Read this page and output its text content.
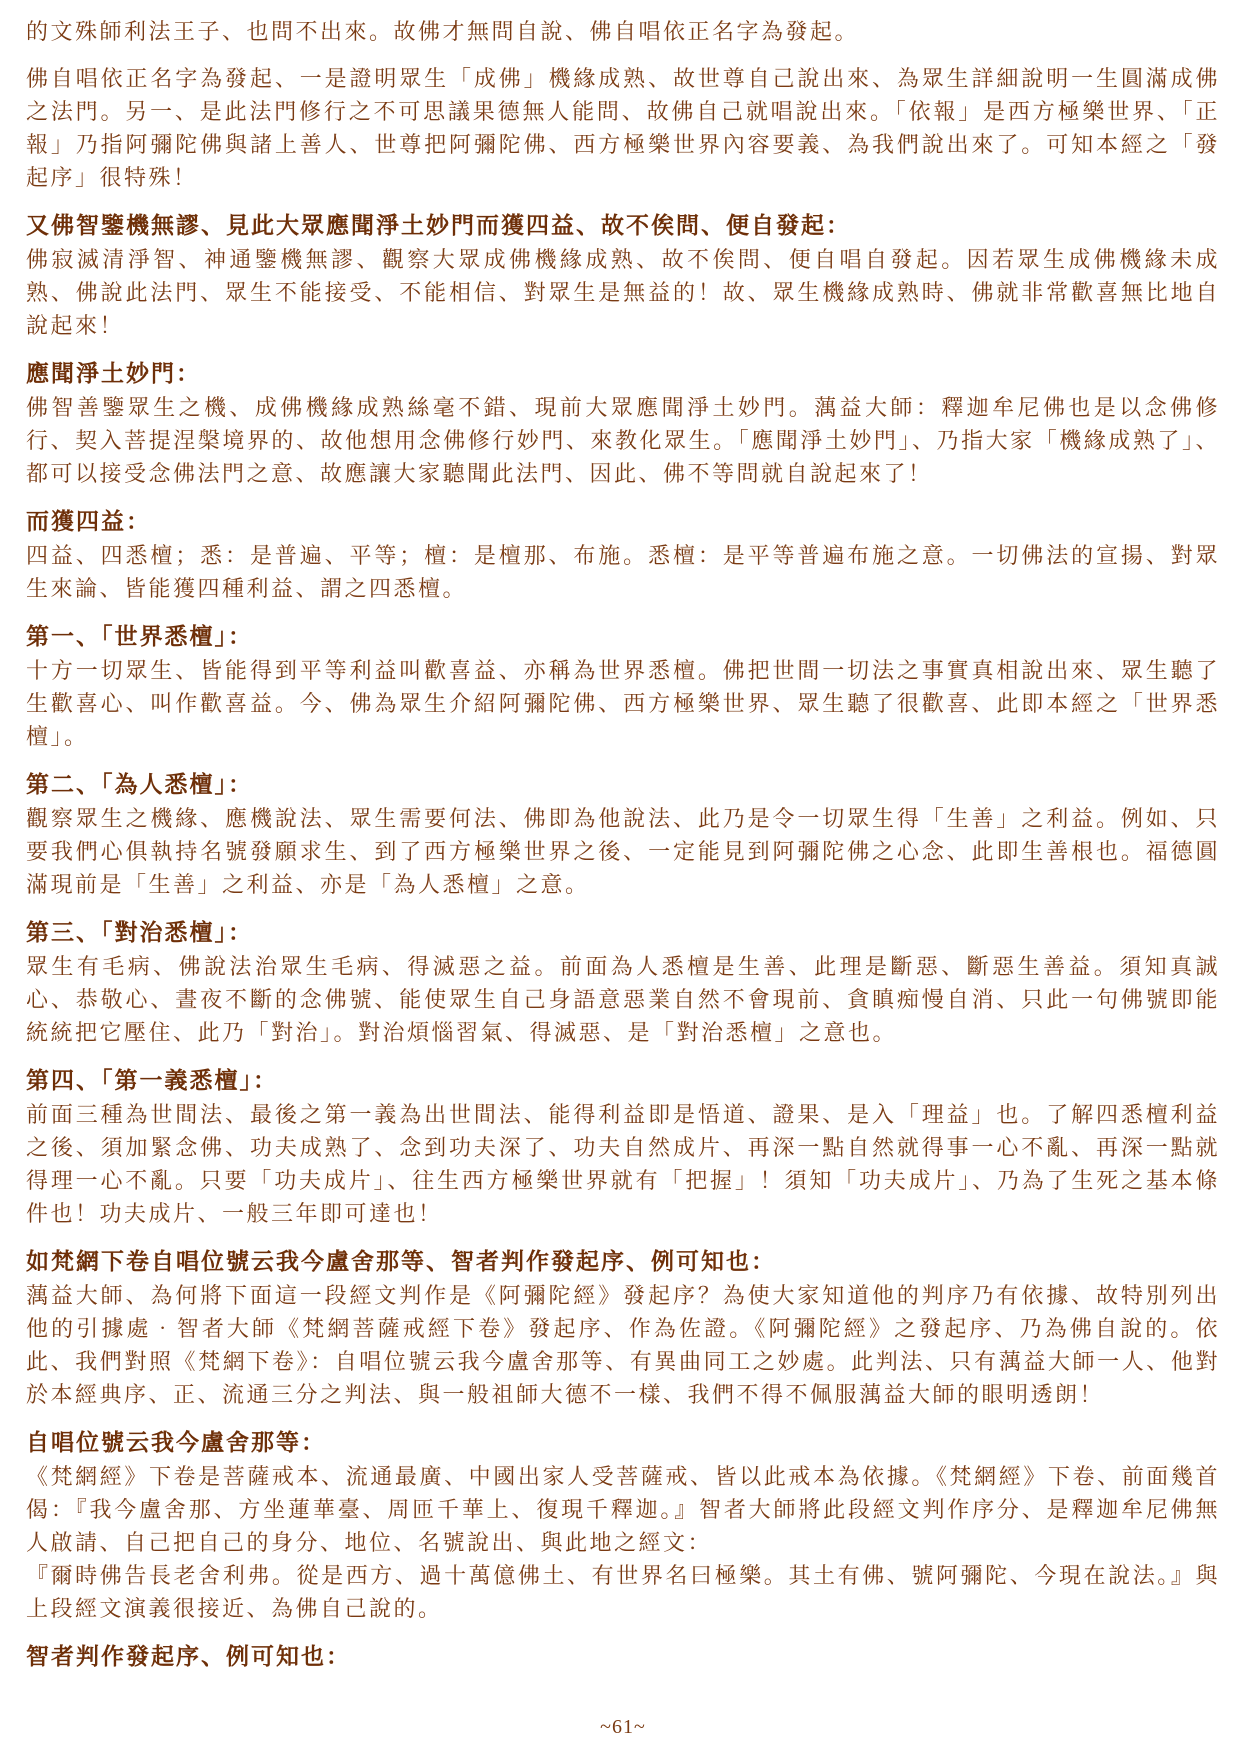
的文殊師利法王子、也問不出來。故佛才無問自說、佛自唱依正名字為發起。

佛自唱依正名字為發起、一是證明眾生「成佛」機緣成熟、故世尊自己說出來、為眾生詳細說明一生圓滿成佛之法門。另一、是此法門修行之不可思議果德無人能問、故佛自己就唱說出來。「依報」是西方極樂世界、「正報」乃指阿彌陀佛與諸上善人、世尊把阿彌陀佛、西方極樂世界內容要義、為我們說出來了。可知本經之「發起序」很特殊！

又佛智鑒機無謬、見此大眾應聞淨土妙門而獲四益、故不俟問、便自發起：

佛寂滅清淨智、神通鑒機無謬、觀察大眾成佛機緣成熟、故不俟問、便自唱自發起。因若眾生成佛機緣未成熟、佛說此法門、眾生不能接受、不能相信、對眾生是無益的！故、眾生機緣成熟時、佛就非常歡喜無比地自說起來！

應聞淨土妙門：

佛智善鑒眾生之機、成佛機緣成熟絲毫不錯、現前大眾應聞淨土妙門。蕅益大師：釋迦牟尼佛也是以念佛修行、契入菩提涅槃境界的、故他想用念佛修行妙門、來教化眾生。「應聞淨土妙門」、乃指大家「機緣成熟了」、都可以接受念佛法門之意、故應讓大家聽聞此法門、因此、佛不等問就自說起來了！

而獲四益：

四益、四悉檀；悉：是普遍、平等；檀：是檀那、布施。悉檀：是平等普遍布施之意。一切佛法的宣揚、對眾生來論、皆能獲四種利益、謂之四悉檀。

第一、「世界悉檀」：

十方一切眾生、皆能得到平等利益叫歡喜益、亦稱為世界悉檀。佛把世間一切法之事實真相說出來、眾生聽了生歡喜心、叫作歡喜益。今、佛為眾生介紹阿彌陀佛、西方極樂世界、眾生聽了很歡喜、此即本經之「世界悉檀」。

第二、「為人悉檀」：

觀察眾生之機緣、應機說法、眾生需要何法、佛即為他說法、此乃是令一切眾生得「生善」之利益。例如、只要我們心俱執持名號發願求生、到了西方極樂世界之後、一定能見到阿彌陀佛之心念、此即生善根也。福德圓滿現前是「生善」之利益、亦是「為人悉檀」之意。

第三、「對治悉檀」：

眾生有毛病、佛說法治眾生毛病、得滅惡之益。前面為人悉檀是生善、此理是斷惡、斷惡生善益。須知真誠心、恭敬心、晝夜不斷的念佛號、能使眾生自己身語意惡業自然不會現前、貪瞋痴慢自消、只此一句佛號即能統統把它壓住、此乃「對治」。對治煩惱習氣、得滅惡、是「對治悉檀」之意也。

第四、「第一義悉檀」：

前面三種為世間法、最後之第一義為出世間法、能得利益即是悟道、證果、是入「理益」也。了解四悉檀利益之後、須加緊念佛、功夫成熟了、念到功夫深了、功夫自然成片、再深一點自然就得事一心不亂、再深一點就得理一心不亂。只要「功夫成片」、往生西方極樂世界就有「把握」！須知「功夫成片」、乃為了生死之基本條件也！功夫成片、一般三年即可達也！

如梵網下卷自唱位號云我今盧舍那等、智者判作發起序、例可知也：

蕅益大師、為何將下面這一段經文判作是《阿彌陀經》發起序？為使大家知道他的判序乃有依據、故特別列出他的引據處‧智者大師《梵網菩薩戒經下卷》發起序、作為佐證。《阿彌陀經》之發起序、乃為佛自說的。依此、我們對照《梵網下卷》：自唱位號云我今盧舍那等、有異曲同工之妙處。此判法、只有蕅益大師一人、他對於本經典序、正、流通三分之判法、與一般祖師大德不一樣、我們不得不佩服蕅益大師的眼明透朗！

自唱位號云我今盧舍那等：

《梵網經》下卷是菩薩戒本、流通最廣、中國出家人受菩薩戒、皆以此戒本為依據。《梵網經》下卷、前面幾首偈：『我今盧舍那、方坐蓮華臺、周匝千華上、復現千釋迦。』智者大師將此段經文判作序分、是釋迦牟尼佛無人啟請、自己把自己的身分、地位、名號說出、與此地之經文：

『爾時佛告長老舍利弗。從是西方、過十萬億佛土、有世界名曰極樂。其土有佛、號阿彌陀、今現在說法。』與上段經文演義很接近、為佛自己說的。

智者判作發起序、例可知也：
~61~
